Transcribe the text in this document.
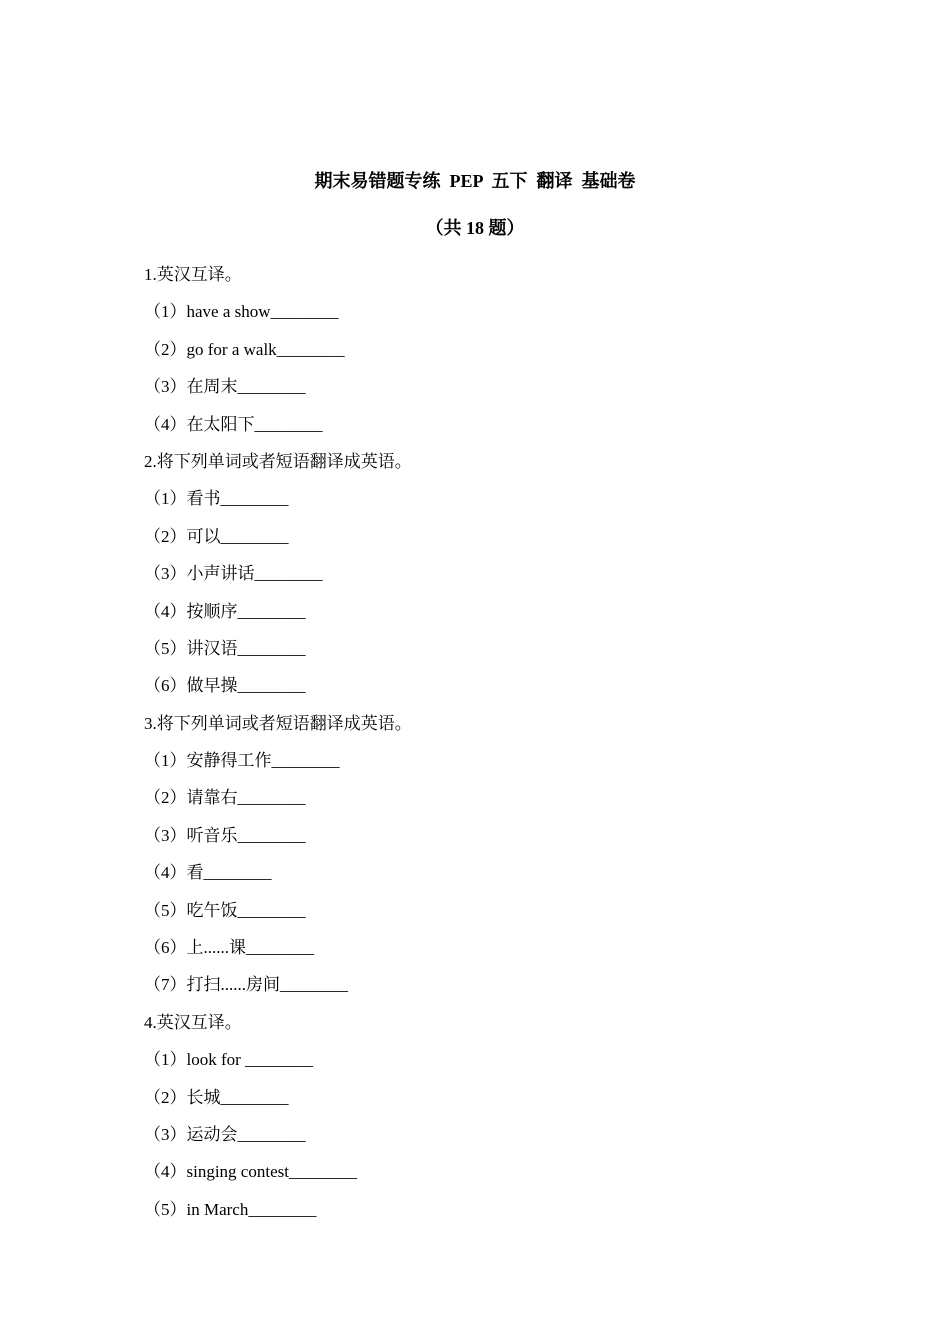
期末易错题专练  PEP  五下  翻译  基础卷
（共 18 题）
1.英汉互译。
（1）have a show________
（2）go for a walk________
（3）在周末________
（4）在太阳下________
2.将下列单词或者短语翻译成英语。
（1）看书________
（2）可以________
（3）小声讲话________
（4）按顺序________
（5）讲汉语________
（6）做早操________
3.将下列单词或者短语翻译成英语。
（1）安静得工作________
（2）请靠右________
（3）听音乐________
（4）看________
（5）吃午饭________
（6）上......课________
（7）打扫......房间________
4.英汉互译。
（1）look for ________
（2）长城________
（3）运动会________
（4）singing contest________
（5）in March________
